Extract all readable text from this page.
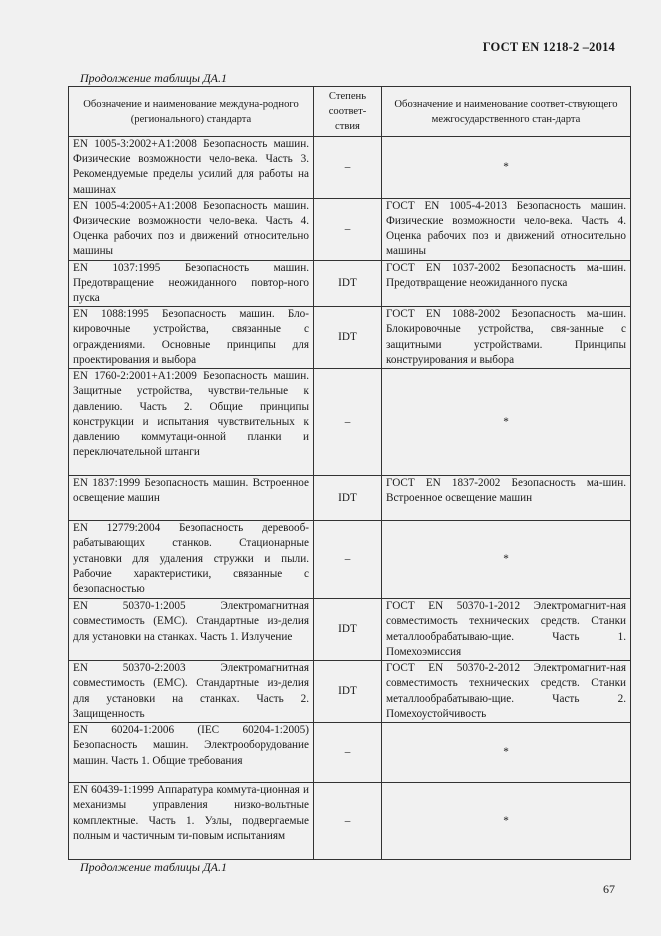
ГОСТ EN 1218-2 –2014
Продолжение таблицы ДА.1
Обозначение и наименование междуна-родного (регионального) стандарта	Степень соответ-ствия	Обозначение и наименование соответ-ствующего межгосударственного стан-дарта
EN 1005-3:2002+A1:2008 Безопасность машин. Физические возможности чело-века. Часть 3. Рекомендуемые пределы усилий для работы на машинах	–	*
EN 1005-4:2005+A1:2008 Безопасность машин. Физические возможности чело-века. Часть 4. Оценка рабочих поз и движений относительно машины	–	ГОСТ EN 1005-4-2013 Безопасность машин. Физические возможности чело-века. Часть 4. Оценка рабочих поз и движений относительно машины
EN 1037:1995 Безопасность машин. Предотвращение неожиданного повтор-ного пуска	IDT	ГОСТ EN 1037-2002 Безопасность ма-шин. Предотвращение неожиданного пуска
EN 1088:1995 Безопасность машин. Бло-кировочные устройства, связанные с ограждениями. Основные принципы для проектирования и выбора	IDT	ГОСТ EN 1088-2002 Безопасность ма-шин. Блокировочные устройства, свя-занные с защитными устройствами. Принципы конструирования и выбора
EN 1760-2:2001+A1:2009 Безопасность машин. Защитные устройства, чувстви-тельные к давлению. Часть 2. Общие принципы конструкции и испытания чувствительных к давлению коммутаци-онной планки и переключательной штанги	–	*
EN 1837:1999 Безопасность машин. Встроенное освещение машин	IDT	ГОСТ EN 1837-2002 Безопасность ма-шин. Встроенное освещение машин
EN 12779:2004 Безопасность деревооб-рабатывающих станков. Стационарные установки для удаления стружки и пыли. Рабочие характеристики, связанные с безопасностью	–	*
EN 50370-1:2005 Электромагнитная совместимость (EMC). Стандартные из-делия для установки на станках. Часть 1. Излучение	IDT	ГОСТ EN 50370-1-2012 Электромагнит-ная совместимость технических средств. Станки металлообрабатываю-щие. Часть 1. Помехоэмиссия
EN 50370-2:2003 Электромагнитная совместимость (EMC). Стандартные из-делия для установки на станках. Часть 2. Защищенность	IDT	ГОСТ EN 50370-2-2012 Электромагнит-ная совместимость технических средств. Станки металлообрабатываю-щие. Часть 2. Помехоустойчивость
EN 60204-1:2006 (IEC 60204-1:2005) Безопасность машин. Электрооборудование машин. Часть 1. Общие требования	–	*
EN 60439-1:1999 Аппаратура коммута-ционная и механизмы управления низко-вольтные комплектные. Часть 1. Узлы, подвергаемые полным и частичным ти-повым испытаниям	–	*
Продолжение таблицы ДА.1
67
